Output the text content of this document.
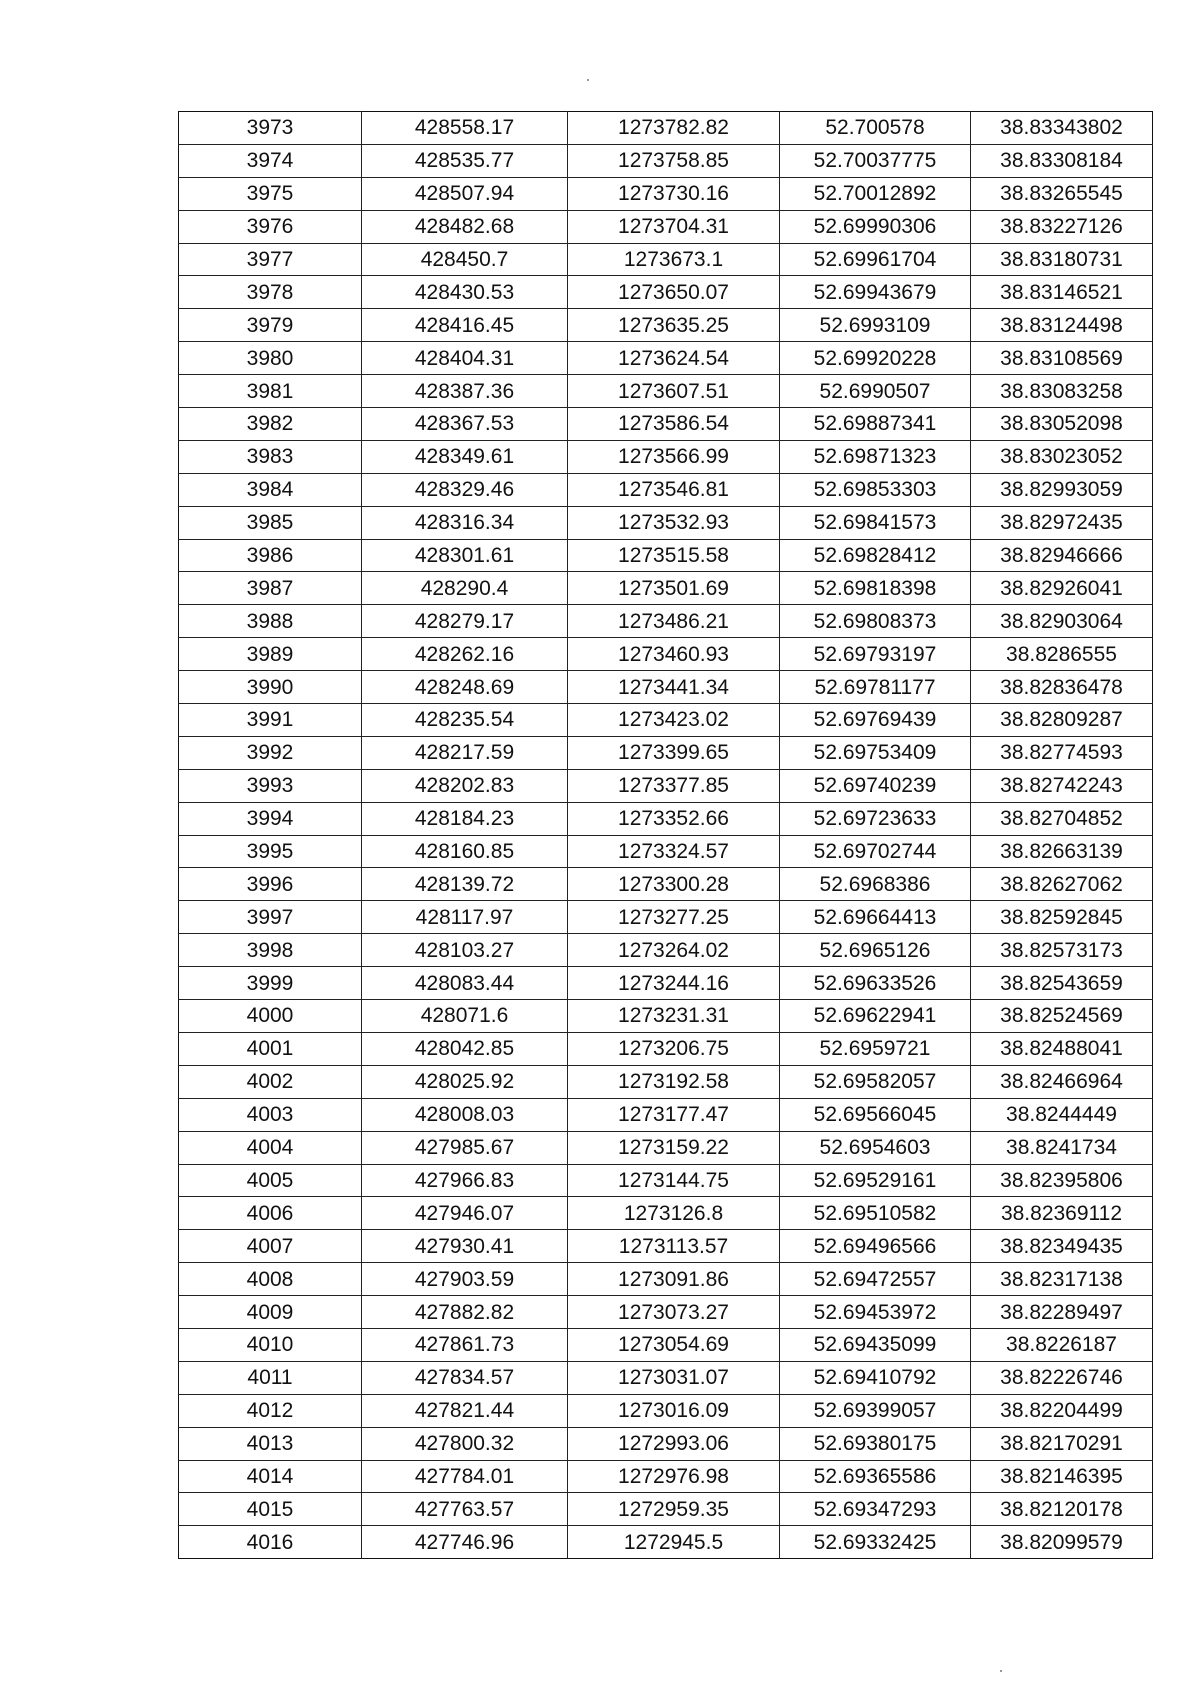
3973	428558.17	1273782.82	52.700578	38.83343802
3974	428535.77	1273758.85	52.70037775	38.83308184
3975	428507.94	1273730.16	52.70012892	38.83265545
3976	428482.68	1273704.31	52.69990306	38.83227126
3977	428450.7	1273673.1	52.69961704	38.83180731
3978	428430.53	1273650.07	52.69943679	38.83146521
3979	428416.45	1273635.25	52.6993109	38.83124498
3980	428404.31	1273624.54	52.69920228	38.83108569
3981	428387.36	1273607.51	52.6990507	38.83083258
3982	428367.53	1273586.54	52.69887341	38.83052098
3983	428349.61	1273566.99	52.69871323	38.83023052
3984	428329.46	1273546.81	52.69853303	38.82993059
3985	428316.34	1273532.93	52.69841573	38.82972435
3986	428301.61	1273515.58	52.69828412	38.82946666
3987	428290.4	1273501.69	52.69818398	38.82926041
3988	428279.17	1273486.21	52.69808373	38.82903064
3989	428262.16	1273460.93	52.69793197	38.8286555
3990	428248.69	1273441.34	52.69781177	38.82836478
3991	428235.54	1273423.02	52.69769439	38.82809287
3992	428217.59	1273399.65	52.69753409	38.82774593
3993	428202.83	1273377.85	52.69740239	38.82742243
3994	428184.23	1273352.66	52.69723633	38.82704852
3995	428160.85	1273324.57	52.69702744	38.82663139
3996	428139.72	1273300.28	52.6968386	38.82627062
3997	428117.97	1273277.25	52.69664413	38.82592845
3998	428103.27	1273264.02	52.6965126	38.82573173
3999	428083.44	1273244.16	52.69633526	38.82543659
4000	428071.6	1273231.31	52.69622941	38.82524569
4001	428042.85	1273206.75	52.6959721	38.82488041
4002	428025.92	1273192.58	52.69582057	38.82466964
4003	428008.03	1273177.47	52.69566045	38.8244449
4004	427985.67	1273159.22	52.6954603	38.8241734
4005	427966.83	1273144.75	52.69529161	38.82395806
4006	427946.07	1273126.8	52.69510582	38.82369112
4007	427930.41	1273113.57	52.69496566	38.82349435
4008	427903.59	1273091.86	52.69472557	38.82317138
4009	427882.82	1273073.27	52.69453972	38.82289497
4010	427861.73	1273054.69	52.69435099	38.8226187
4011	427834.57	1273031.07	52.69410792	38.82226746
4012	427821.44	1273016.09	52.69399057	38.82204499
4013	427800.32	1272993.06	52.69380175	38.82170291
4014	427784.01	1272976.98	52.69365586	38.82146395
4015	427763.57	1272959.35	52.69347293	38.82120178
4016	427746.96	1272945.5	52.69332425	38.82099579
